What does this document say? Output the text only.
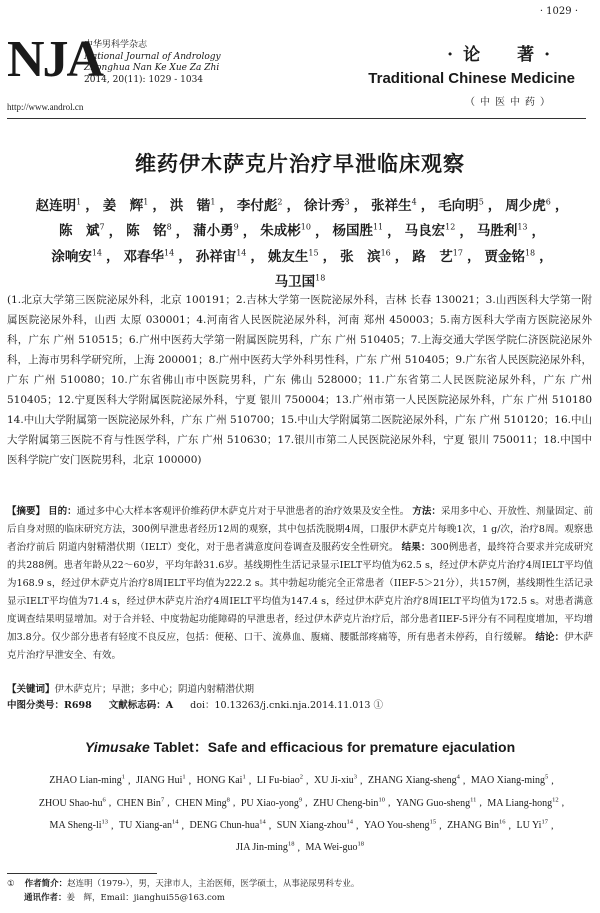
· 1029 ·
NJA
中华男科学杂志
National Journal of Andrology
Zhonghua Nan Ke Xue Za Zhi
2014, 20(11): 1029 - 1034
http://www.androl.cn
·论　著·
Traditional Chinese Medicine
（中医中药）
维药伊木萨克片治疗早泄临床观察
赵连明$^1$ ， 姜　辉$^1$ ， 洪　锴$^1$ ， 李付彪$^2$ ， 徐计秀$^3$ ， 张祥生$^4$ ， 毛向明$^5$ ， 周少虎$^6$ ，陈　斌$^7$ ， 陈　铭$^8$ ， 蒲小勇$^9$ ， 朱成彬$^{10}$ ， 杨国胜$^{11}$ ， 马良宏$^{12}$ ， 马胜利$^{13}$ ，涂响安$^{14}$ ， 邓春华$^{14}$ ， 孙祥宙$^{14}$ ， 姚友生$^{15}$ ， 张　滨$^{16}$ ， 路　艺$^{17}$ ， 贾金铭$^{18}$ ，马卫国$^{18}$
(1.北京大学第三医院泌尿外科，北京 100191；2.吉林大学第一医院泌尿外科，吉林 长春 130021；3.山西医科大学第一附属医院泌尿外科，山西 太原 030001；4.河南省人民医院泌尿外科，河南 郑州 450003；5.南方医科大学南方医院泌尿外科，广东 广州 510515；6.广州中医药大学第一附属医院男科，广东 广州 510405；7.上海交通大学医学院仁济医院泌尿外科，上海市男科学研究所，上海 200001；8.广州中医药大学外科男性科，广东 广州 510405；9.广东省人民医院泌尿外科，广东 广州 510080；10.广东省佛山市中医院男科，广东 佛山 528000；11.广东省第二人民医院泌尿外科，广东 广州 510405；12.宁夏医科大学附属医院泌尿外科，宁夏 银川 750004；13.广州市第一人民医院泌尿外科，广东 广州 510180 14.中山大学附属第一医院泌尿外科，广东 广州 510700；15.中山大学附属第二医院泌尿外科，广东 广州 510120；16.中山大学附属第三医院不育与性医学科，广东 广州 510630；17.银川市第二人民医院泌尿外科，宁夏 银川 750011；18.中国中医科学院广安门医院男科，北京 100000)
【摘要】 目的：通过多中心大样本客观评价维药伊木萨克片对于早泄患者的治疗效果及安全性。 方法：采用多中心、开放性、剂量固定、前后自身对照的临床研究方法，300例早泄患者经历12周的观察，其中包括洗脱期4周，口服伊木萨克片每晚1次，1 g/次，治疗8周。观察患者治疗前后 阴道内射精潜伏期（IELT）变化，对于患者满意度问卷调查及服药安全性研究。 结果：300例患者，最终符合要求并完成研究的共288例。患者年龄从22～60岁，平均年龄31.6岁。基线期性生活记录显示IELT平均值为62.5 s，经过伊木萨克片治疗4周IELT平均值为168.9 s，经过伊木萨克片治疗8周IELT平均值为222.2 s。其中勃起功能完全正常患者（IIEF-5＞21分），共157例，基线期性生活记录显示IELT平均值为71.4 s，经过伊木萨克片治疗4周IELT平均值为147.4 s，经过伊木萨克片治疗8周IELT平均值为172.5 s。对患者满意度调查结果明显增加。对于合并轻、中度勃起功能障碍的早泄患者，经过伊木萨克片治疗后，部分患者IIEF-5评分有不同程度增加，平均增加3.8分。仅少部分患者有轻度不良反应，包括：便秘、口干、流鼻血、腹痛、腰骶部疼痛等，所有患者未停药，自行缓解。 结论：伊木萨克片治疗早泄安全、有效。
【关键词】伊木萨克片；早泄；多中心；阴道内射精潜伏期
中图分类号：R698 文献标志码：A doi：10.13263/j.cnki.nja.2014.11.013 ①
Yimusake Tablet：Safe and efficacious for premature ejaculation
ZHAO Lian-ming$^1$ , JIANG Hui$^1$ , HONG Kai$^1$ , LI Fu-biao$^2$ , XU Ji-xiu$^3$ , ZHANG Xiang-sheng$^4$ , MAO Xiang-ming$^5$ , ZHOU Shao-$hu^6$ , CHEN Bin$^7$ , CHEN Ming$^8$ , PU Xiao-yong$^9$ , ZHU Cheng-bin$^{10}$ , YANG Guo-sheng$^{11}$ , MA Liang-hong$^{12}$ , MA Sheng-$li^{13}$ , TU Xiang-$an^{14}$ , DENG Chun-hua$^{14}$ , SUN Xiang-zhou$^{14}$ , YAO You-sheng$^{15}$ , ZHANG Bin$^{16}$ , LU Yi$^{17}$ , JIA Jin-ming$^{18}$ , MA Wei-guo$^{18}$
① 作者简介：赵连明（1979-），男，天津市人，主治医师，医学硕士，从事泌尿男科专业。
通讯作者：姜　辉，Email：jianghui55@163.com
